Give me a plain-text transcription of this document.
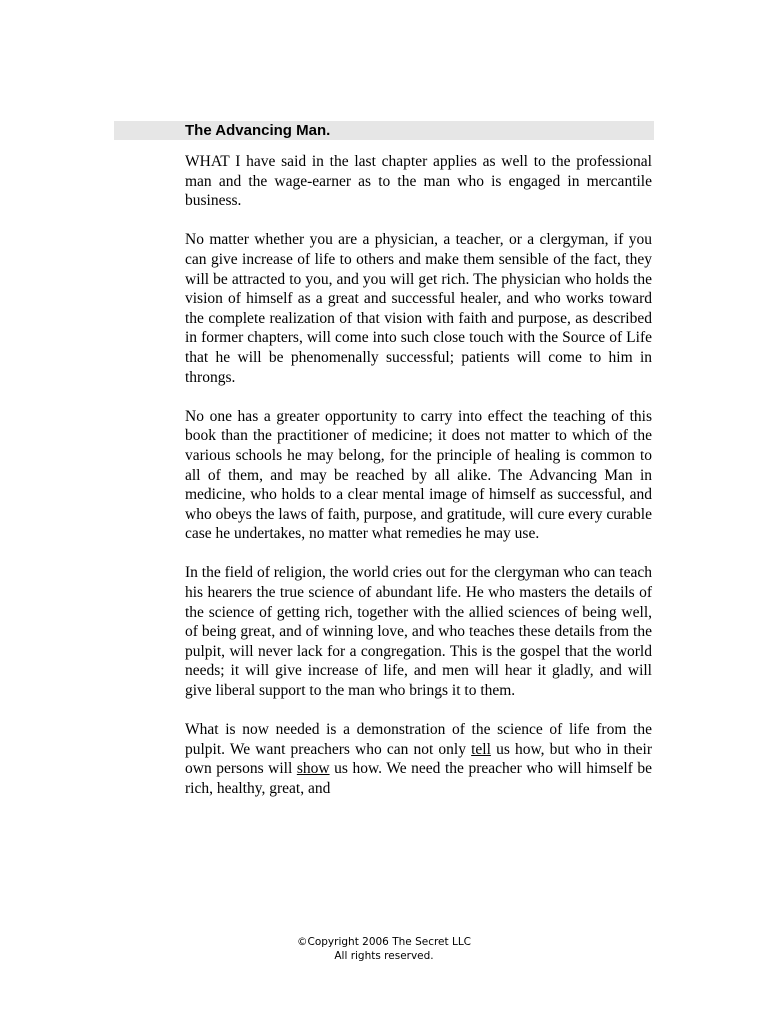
The Advancing Man.

WHAT I have said in the last chapter applies as well to the professional man and the wage-earner as to the man who is engaged in mercantile business.

No matter whether you are a physician, a teacher, or a clergyman, if you can give increase of life to others and make them sensible of the fact, they will be attracted to you, and you will get rich. The physician who holds the vision of himself as a great and successful healer, and who works toward the complete realization of that vision with faith and purpose, as described in former chapters, will come into such close touch with the Source of Life that he will be phenomenally successful; patients will come to him in throngs.

No one has a greater opportunity to carry into effect the teaching of this book than the practitioner of medicine; it does not matter to which of the various schools he may belong, for the principle of healing is common to all of them, and may be reached by all alike. The Advancing Man in medicine, who holds to a clear mental image of himself as successful, and who obeys the laws of faith, purpose, and gratitude, will cure every curable case he undertakes, no matter what remedies he may use.

In the field of religion, the world cries out for the clergyman who can teach his hearers the true science of abundant life. He who masters the details of the science of getting rich, together with the allied sciences of being well, of being great, and of winning love, and who teaches these details from the pulpit, will never lack for a congregation. This is the gospel that the world needs; it will give increase of life, and men will hear it gladly, and will give liberal support to the man who brings it to them.

What is now needed is a demonstration of the science of life from the pulpit. We want preachers who can not only tell us how, but who in their own persons will show us how. We need the preacher who will himself be rich, healthy, great, and

©Copyright 2006 The Secret LLC
All rights reserved.
